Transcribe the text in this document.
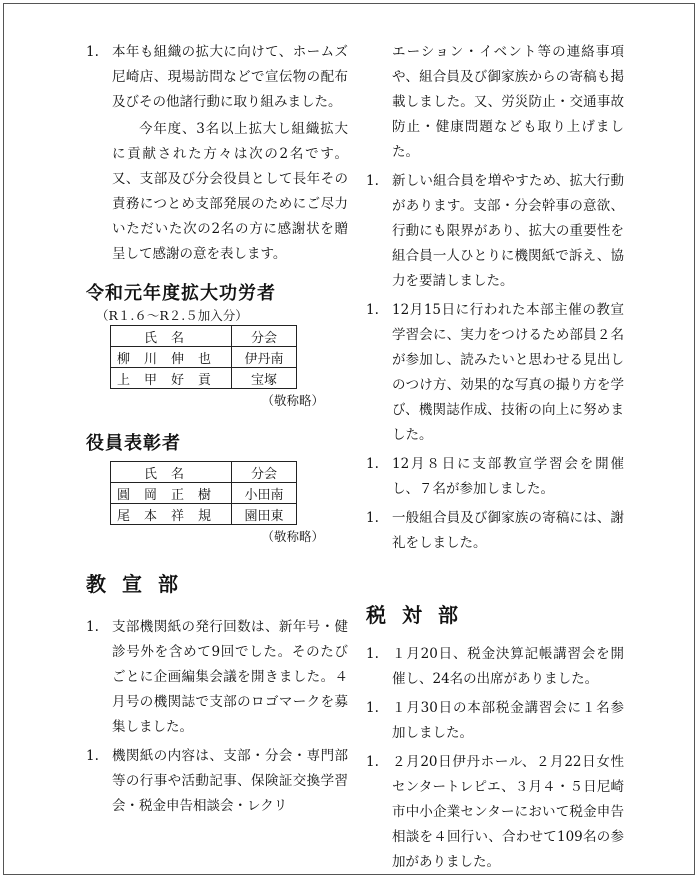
1. 本年も組織の拡大に向けて、ホームズ尼崎店、現場訪問などで宣伝物の配布及びその他諸行動に取り組みました。
今年度、3名以上拡大し組織拡大に貢献された方々は次の2名です。又、支部及び分会役員として長年その責務につとめ支部発展のためにご尽力いただいた次の2名の方に感謝状を贈呈して感謝の意を表します。
令和元年度拡大功労者
（R１.６～R２.５加入分）
氏名	分会
柳川伸也	伊丹南
上甲好貢	宝塚
（敬称略）
役員表彰者
氏名	分会
圓岡正樹	小田南
尾本祥規	園田東
（敬称略）
教宣部
1. 支部機関紙の発行回数は、新年号・健診号外を含めて9回でした。そのたびごとに企画編集会議を開きました。４月号の機関誌で支部のロゴマークを募集しました。
1. 機関紙の内容は、支部・分会・専門部等の行事や活動記事、保険証交換学習会・税金申告相談会・レクリ
エーション・イベント等の連絡事項や、組合員及び御家族からの寄稿も掲載しました。又、労災防止・交通事故防止・健康問題なども取り上げました。
1. 新しい組合員を増やすため、拡大行動があります。支部・分会幹事の意欲、行動にも限界があり、拡大の重要性を組合員一人ひとりに機関紙で訴え、協力を要請しました。
1. 12月15日に行われた本部主催の教宣学習会に、実力をつけるため部員２名が参加し、読みたいと思わせる見出しのつけ方、効果的な写真の撮り方を学び、機関誌作成、技術の向上に努めました。
1. 12月８日に支部教宣学習会を開催し、７名が参加しました。
1. 一般組合員及び御家族の寄稿には、謝礼をしました。
税対部
1. １月20日、税金決算記帳講習会を開催し、24名の出席がありました。
1. １月30日の本部税金講習会に１名参加しました。
1. ２月20日伊丹ホール、２月22日女性センタートレピエ、３月４・５日尼崎市中小企業センターにおいて税金申告相談を４回行い、合わせて109名の参加がありました。
